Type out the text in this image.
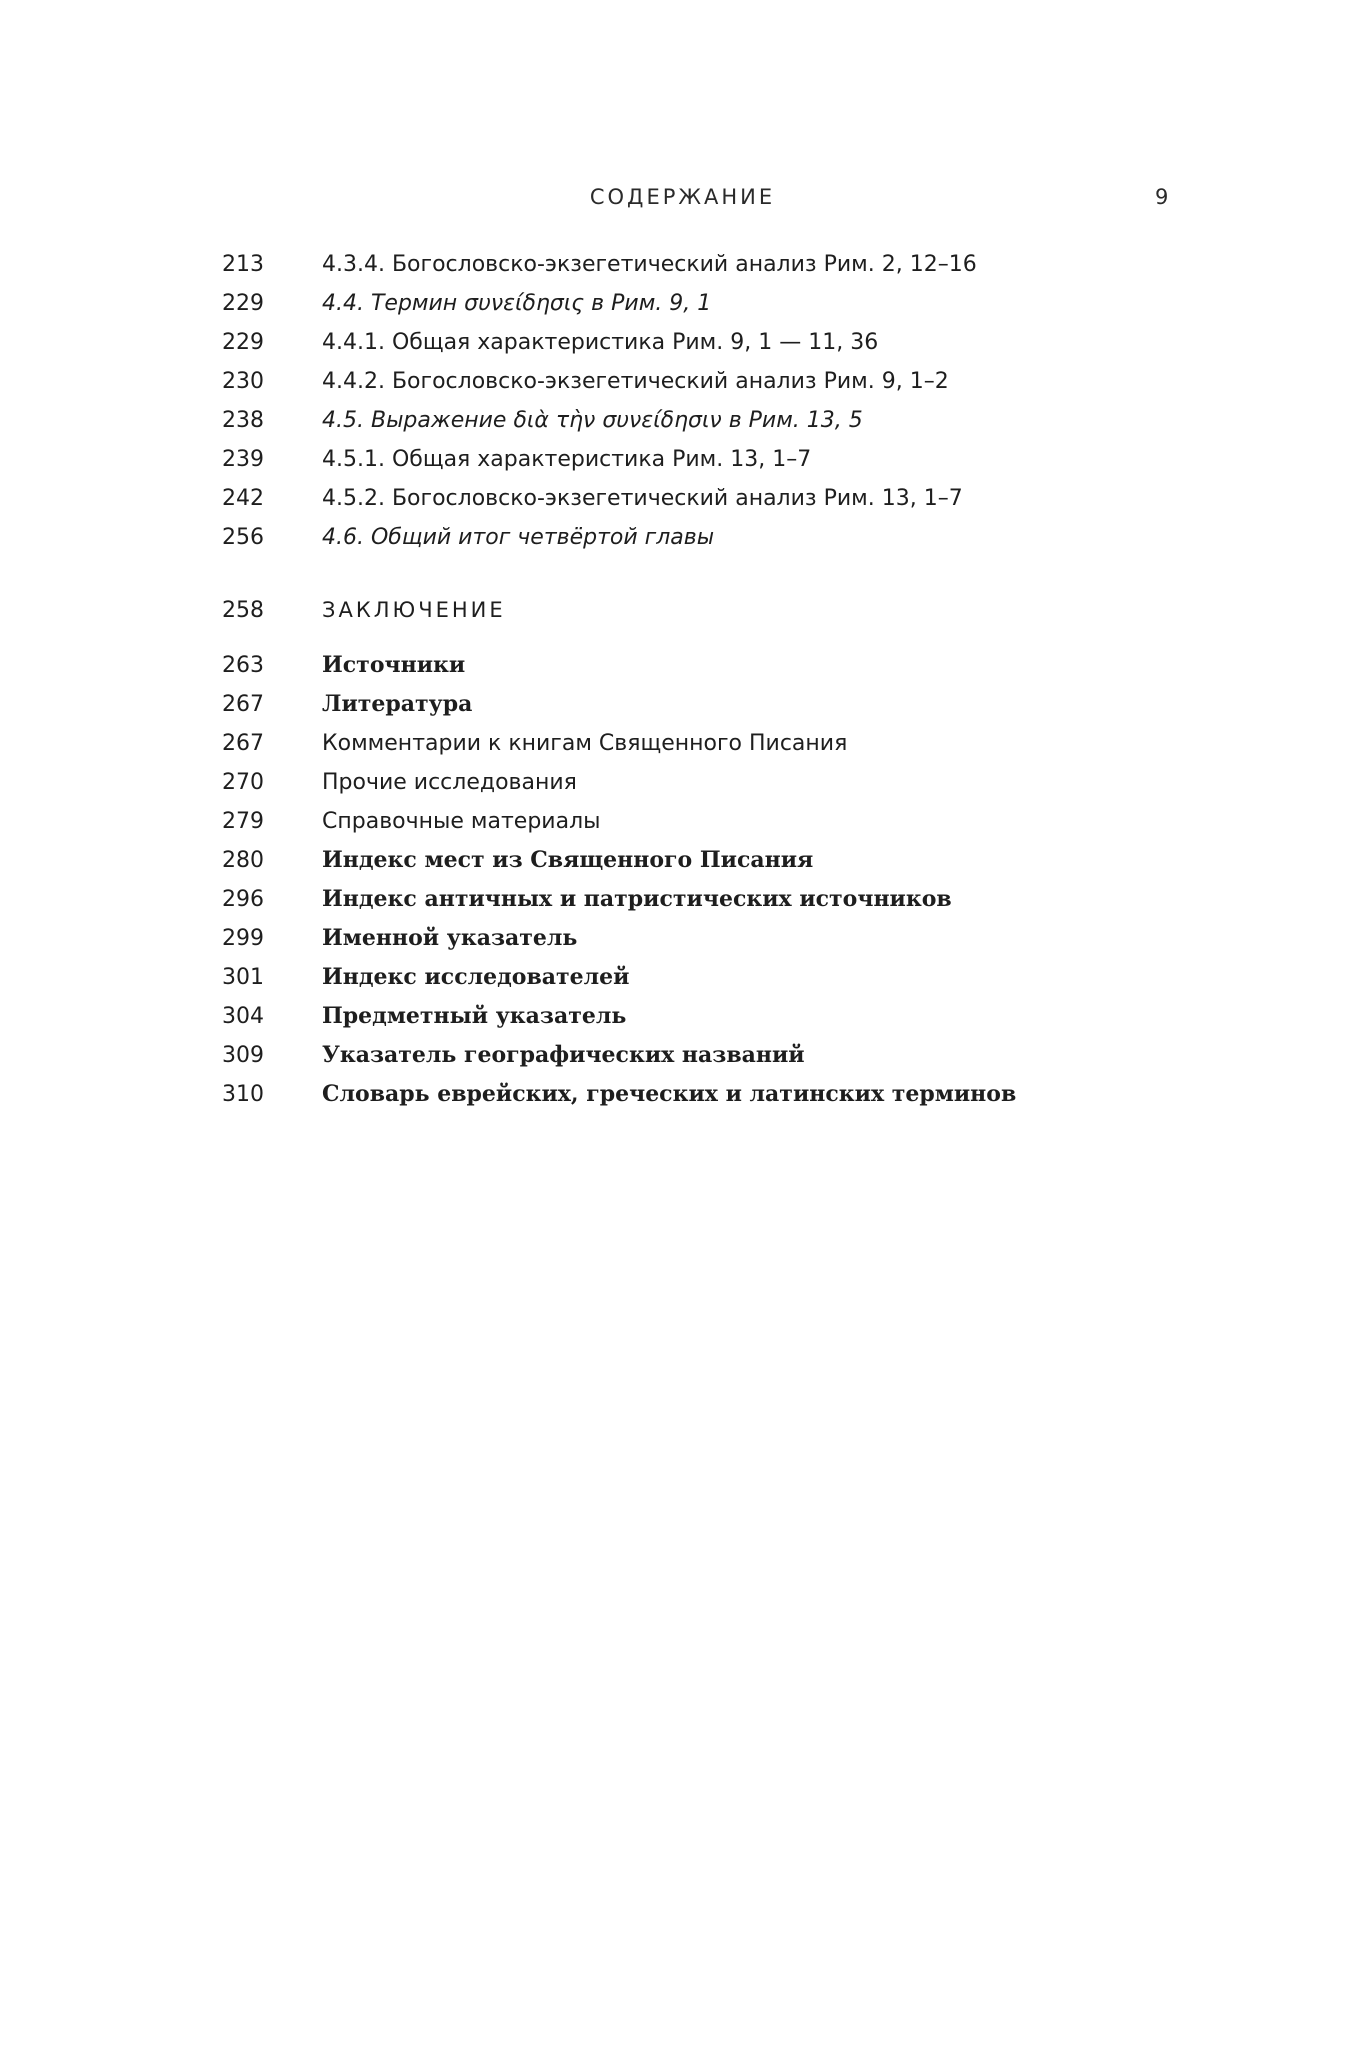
СОДЕРЖАНИЕ	9
213	4.3.4. Богословско-экзегетический анализ Рим. 2, 12–16
229	4.4. Термин συνείδησις в Рим. 9, 1
229	4.4.1. Общая характеристика Рим. 9, 1 — 11, 36
230	4.4.2. Богословско-экзегетический анализ Рим. 9, 1–2
238	4.5. Выражение διὰ τὴν συνείδησιν в Рим. 13, 5
239	4.5.1. Общая характеристика Рим. 13, 1–7
242	4.5.2. Богословско-экзегетический анализ Рим. 13, 1–7
256	4.6. Общий итог четвёртой главы
258	ЗАКЛЮЧЕНИЕ
263	Источники
267	Литература
267	Комментарии к книгам Священного Писания
270	Прочие исследования
279	Справочные материалы
280	Индекс мест из Священного Писания
296	Индекс античных и патристических источников
299	Именной указатель
301	Индекс исследователей
304	Предметный указатель
309	Указатель географических названий
310	Словарь еврейских, греческих и латинских терминов
